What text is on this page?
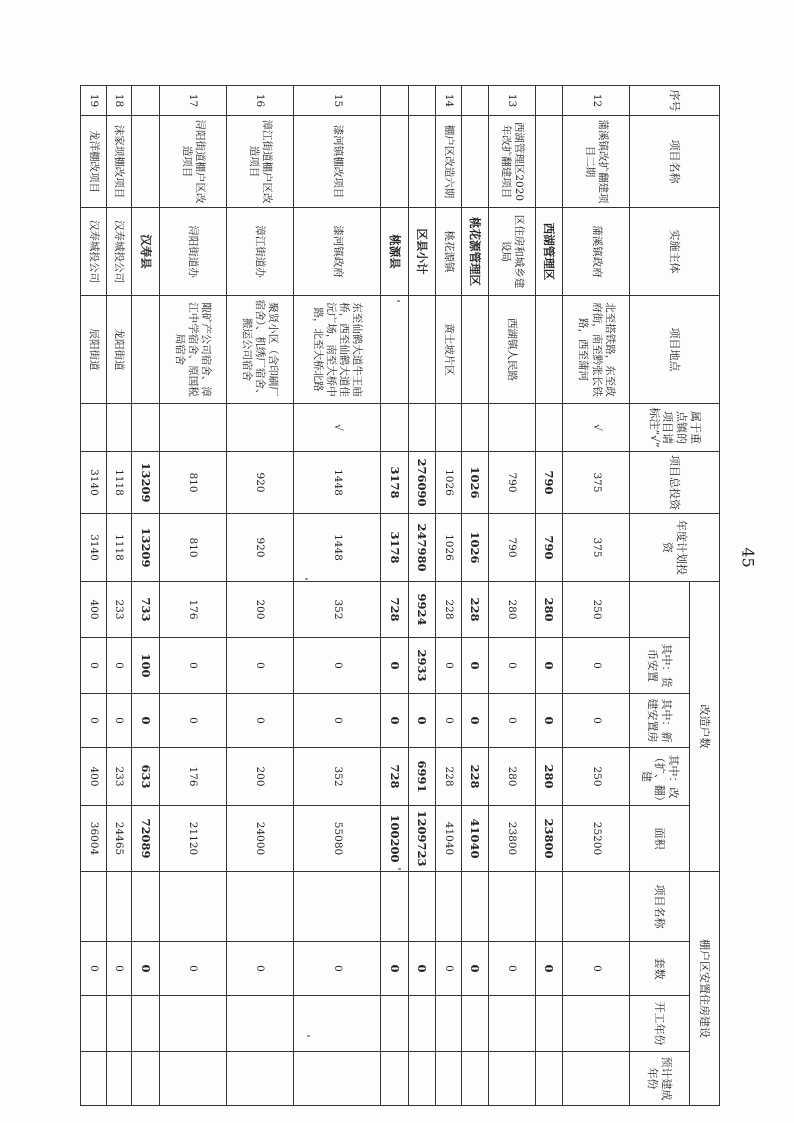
序号	项目名称	实施主体	项目地点	属于重点镇的项目请标注“√”	项目总投资	年度计划投资	改造户数					棚户区安置住房建设			
								其中：货币安置	其中：新建安置房	其中：改（扩、翻）建	面积	项目名称	套数	开工年份	预计建成年份
12	蒲溪镇改扩翻建项目二期	蒲溪镇政府	北至搭铁路，东至政府街，南至黔张长铁路，西至蒲河	√	375	375	250	0	0	250	25200		0		
		西湖管理区			790	790	280	0	0	280	23800		0		
13	西湖管理区2020年改扩翻建项目	区住房和城乡建设局	西湖镇人民路		790	790	280	0	0	280	23800		0		
		桃花源管理区			1026	1026	228	0	0	228	41040		0		
14	棚户区改造六期	桃花源镇	黄土坡片区		1026	1026	228	0	0	228	41040		0		
		区县小计			276090	247980	9924	2933	0	6991	1209723		0		
		桃源县			3178	3178	728	0	0	728	100200		0		
15	漆河镇棚改项目	漆河镇政府	东至仙鹤大道牛王庙桥，西至仙鹤大道佳沅广场，南至大桥中路，北至大桥北路	√	1448	1448	352	0	0	352	55080		0		
16	漳江街道棚户区改造项目	漳江街道办	聚贤小区（含印刷厂宿舍）、机绣厂宿舍、搬运公司宿舍		920	920	200	0	0	200	24000		0		
17	浔阳街道棚户区改造项目	浔阳街道办	陬矿产公司宿舍、漳江中学宿舍、原国税局宿舍		810	810	176	0	0	176	21120		0		
		汉寿县			13209	13209	733	100	0	633	72089		0		
18	沫家坝棚改项目	汉寿城投公司	龙阳街道		1118	1118	233	0	0	233	24465		0		
19	龙洋棚改项目	汉寿城投公司	辰阳街道		3140	3140	400	0	0	400	36004		0		
45
